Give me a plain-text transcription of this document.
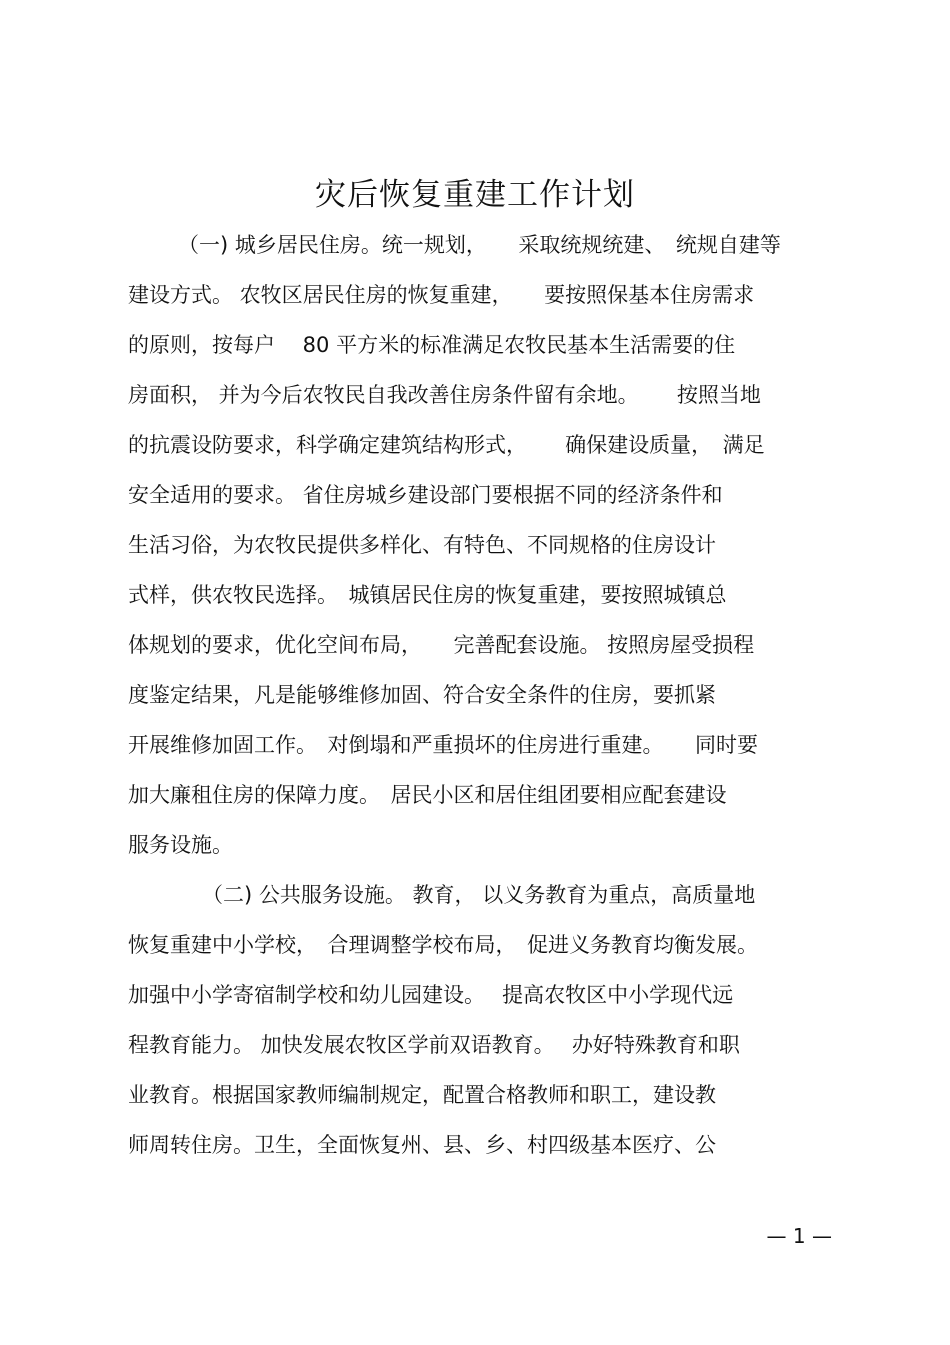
灾后恢复重建工作计划
（一) 城乡居民住房。统一规划，　　采取统规统建、　统规自建等
建设方式。 农牧区居民住房的恢复重建，　　要按照保基本住房需求
的原则，按每户　 80 平方米的标准满足农牧民基本生活需要的住
房面积， 并为今后农牧民自我改善住房条件留有余地。　　 按照当地
的抗震设防要求，科学确定建筑结构形式，　　 确保建设质量，　满足
安全适用的要求。 省住房城乡建设部门要根据不同的经济条件和
生活习俗，为农牧民提供多样化、有特色、不同规格的住房设计
式样，供农牧民选择。　城镇居民住房的恢复重建，要按照城镇总
体规划的要求，优化空间布局，　　完善配套设施。 按照房屋受损程
度鉴定结果，凡是能够维修加固、符合安全条件的住房，要抓紧
开展维修加固工作。　对倒塌和严重损坏的住房进行重建。　　同时要
加大廉租住房的保障力度。　居民小区和居住组团要相应配套建设
服务设施。
（二) 公共服务设施。 教育， 以义务教育为重点，高质量地
恢复重建中小学校，　合理调整学校布局，　促进义务教育均衡发展。
加强中小学寄宿制学校和幼儿园建设。　 提高农牧区中小学现代远
程教育能力。 加快发展农牧区学前双语教育。　 办好特殊教育和职
业教育。根据国家教师编制规定，配置合格教师和职工，建设教
师周转住房。卫生，全面恢复州、县、乡、村四级基本医疗、公
— 1 —
